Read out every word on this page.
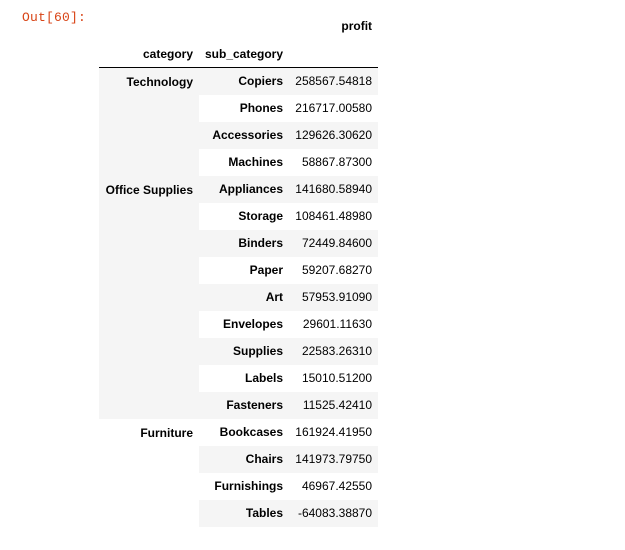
Out[60]:
		profit
category	sub_category	
Technology	Copiers	258567.54818
	Phones	216717.00580
	Accessories	129626.30620
	Machines	58867.87300
Office Supplies	Appliances	141680.58940
	Storage	108461.48980
	Binders	72449.84600
	Paper	59207.68270
	Art	57953.91090
	Envelopes	29601.11630
	Supplies	22583.26310
	Labels	15010.51200
	Fasteners	11525.42410
Furniture	Bookcases	161924.41950
	Chairs	141973.79750
	Furnishings	46967.42550
	Tables	-64083.38870
